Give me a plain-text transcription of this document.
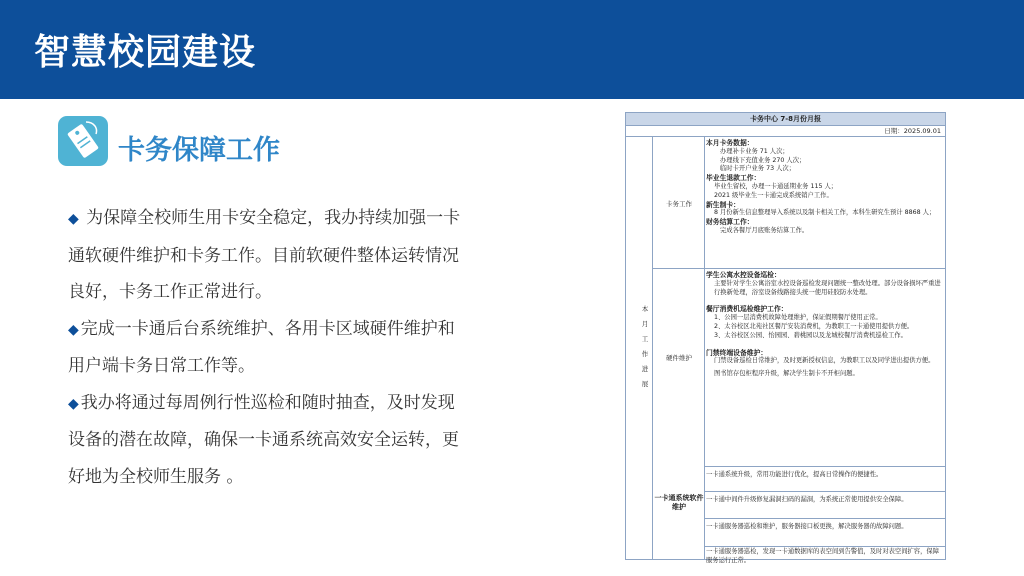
智慧校园建设
卡务保障工作
◆ 为保障全校师生用卡安全稳定，我办持续加强一卡通软硬件维护和卡务工作。目前软硬件整体运转情况良好，卡务工作正常进行。
◆ 完成一卡通后台系统维护、各用卡区域硬件维护和用户端卡务日常工作等。
◆ 我办将通过每周例行性巡检和随时抽查，及时发现设备的潜在故障，确保一卡通系统高效安全运转，更好地为全校师生服务 。
卡务中心 7-8月份月报
日期：2025.09.01
本
月
工
作
进
展
卡务工作
硬件维护
一卡通系统软件维护
本月卡务数据：
办理补卡业务 71 人次；
办理线下充值业务 270 人次；
临时卡开户业务 73 人次；
毕业生退款工作：
毕业生留校，办理一卡通延期业务 115 人；
2021 级毕业生一卡通完成系统销户工作。
新生制卡：
8 月份新生信息整理导入系统以及制卡相关工作，本科生研究生预计 8868 人；
财务结算工作：
完成各餐厅月底账务结算工作。
学生公寓水控设备巡检：
主要针对学生公寓浴室水控设备巡检发现问题统一整改处理。部分设备损坏严重进行换新处理，浴室设备线路接头统一使用硅胶防水处理。
餐厅消费机巡检维护工作：
1、公园一层消费机故障处理维护，保证假期餐厅使用正常。
2、太谷校区北苑社区餐厅安装消费机，为教职工一卡通使用提供方便。
3、太谷校区公园、怡园园、碧桃园以及龙城校餐厅消费机巡检工作。
门禁终端设备维护：
门禁设备巡检日常维护，及时更新授权信息，为教职工以及同学进出提供方便。
图书馆存包柜程序升级，解决学生制卡不开柜问题。
一卡通系统升级，常用功能进行优化，提高日常操作的便捷性。
一卡通中间件升级修复漏洞扫码的漏洞，为系统正常使用提供安全保障。
一卡通服务器巡检和维护，服务器接口板更换，解决服务器的故障问题。
一卡通服务器巡检，发现一卡通数据库的表空间到告警值，及时对表空间扩容，保障服务运行正常。
